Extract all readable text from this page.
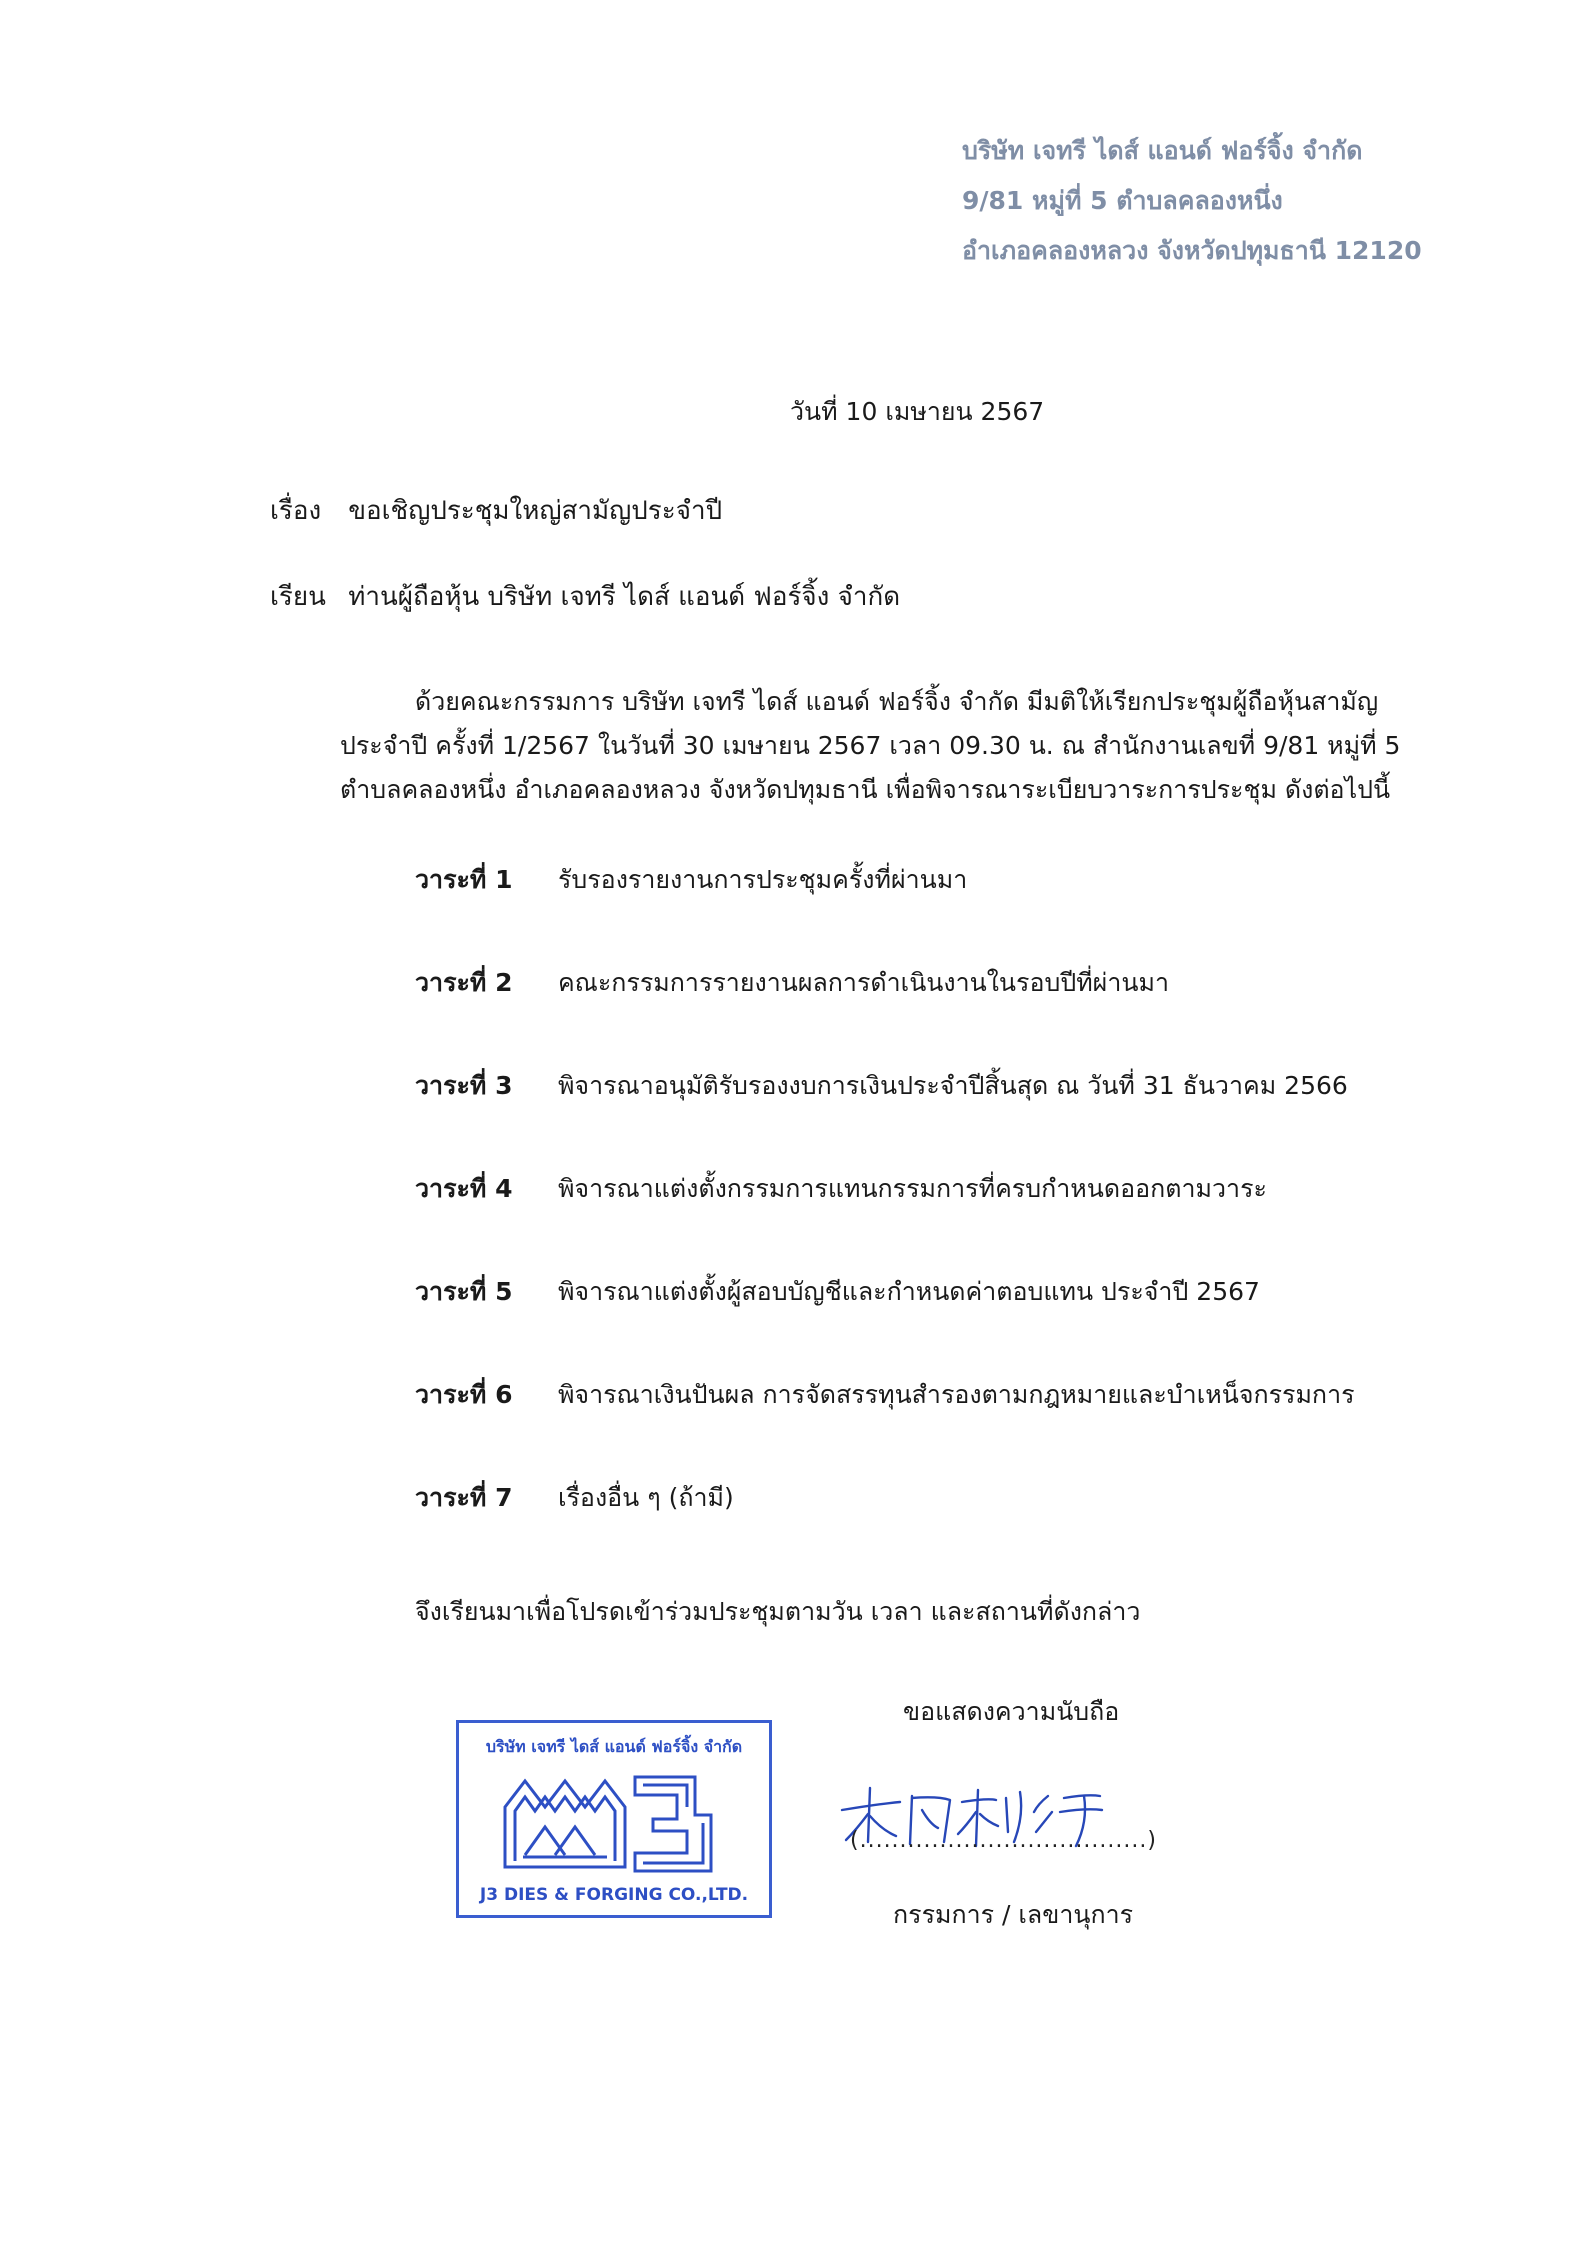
บริษัท เจทรี ไดส์ แอนด์ ฟอร์จิ้ง จำกัด
9/81 หมู่ที่ 5 ตำบลคลองหนึ่ง
อำเภอคลองหลวง จังหวัดปทุมธานี 12120
วันที่ 10 เมษายน 2567
เรื่อง ขอเชิญประชุมใหญ่สามัญประจำปี
เรียน ท่านผู้ถือหุ้น บริษัท เจทรี ไดส์ แอนด์ ฟอร์จิ้ง จำกัด
ด้วยคณะกรรมการ บริษัท เจทรี ไดส์ แอนด์ ฟอร์จิ้ง จำกัด มีมติให้เรียกประชุมผู้ถือหุ้นสามัญ
ประจำปี ครั้งที่ 1/2567 ในวันที่ 30 เมษายน 2567 เวลา 09.30 น. ณ สำนักงานเลขที่ 9/81 หมู่ที่ 5
ตำบลคลองหนึ่ง อำเภอคลองหลวง จังหวัดปทุมธานี เพื่อพิจารณาระเบียบวาระการประชุม ดังต่อไปนี้
วาระที่ 1 รับรองรายงานการประชุมครั้งที่ผ่านมา
วาระที่ 2 คณะกรรมการรายงานผลการดำเนินงานในรอบปีที่ผ่านมา
วาระที่ 3 พิจารณาอนุมัติรับรองงบการเงินประจำปีสิ้นสุด ณ วันที่ 31 ธันวาคม 2566
วาระที่ 4 พิจารณาแต่งตั้งกรรมการแทนกรรมการที่ครบกำหนดออกตามวาระ
วาระที่ 5 พิจารณาแต่งตั้งผู้สอบบัญชีและกำหนดค่าตอบแทน ประจำปี 2567
วาระที่ 6 พิจารณาเงินปันผล การจัดสรรทุนสำรองตามกฎหมายและบำเหน็จกรรมการ
วาระที่ 7 เรื่องอื่น ๆ (ถ้ามี)
จึงเรียนมาเพื่อโปรดเข้าร่วมประชุมตามวัน เวลา และสถานที่ดังกล่าว
ขอแสดงความนับถือ
บริษัท เจทรี ไดส์ แอนด์ ฟอร์จิ้ง จำกัด
J3 DIES & FORGING CO.,LTD.
(....................................)
กรรมการ / เลขานุการ
